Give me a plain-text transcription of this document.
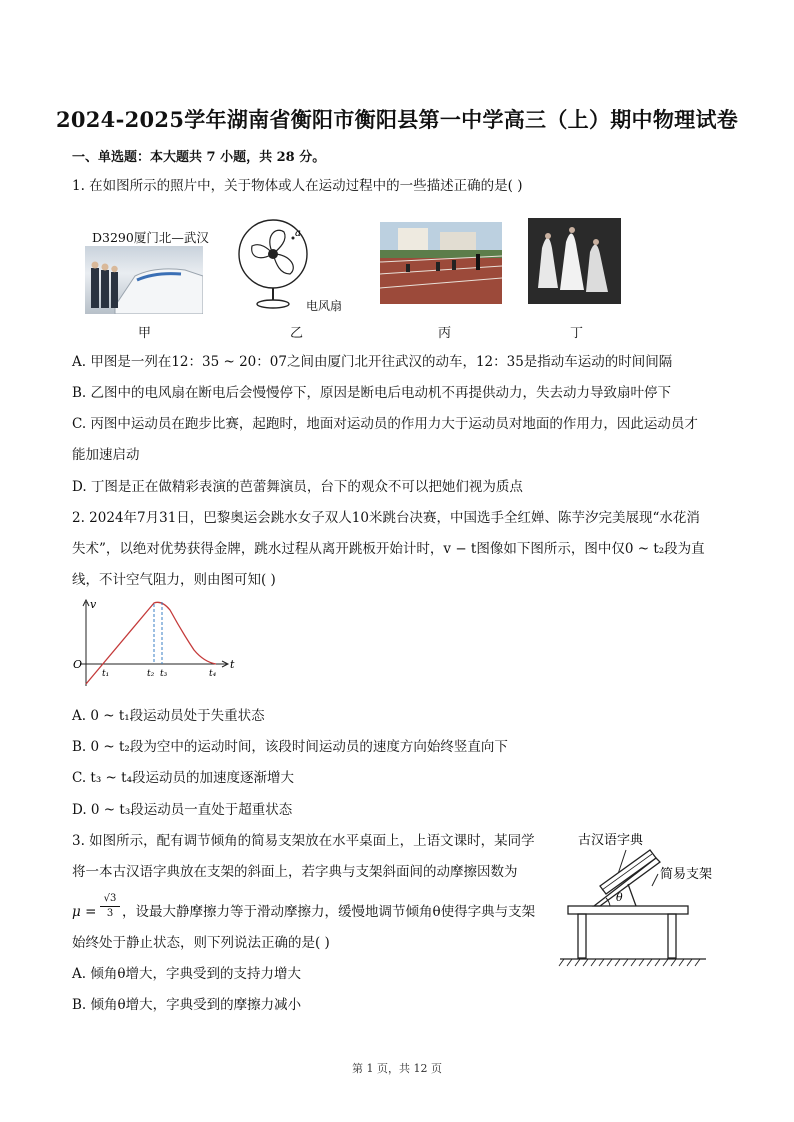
2024-2025学年湖南省衡阳市衡阳县第一中学高三（上）期中物理试卷
一、单选题：本大题共 7 小题，共 28 分。
1. 在如图所示的照片中，关于物体或人在运动过程中的一些描述正确的是( )
D3290厦门北—武汉	a
电风扇
甲	乙	丙	丁
A. 甲图是一列在12：35 ~ 20：07之间由厦门北开往武汉的动车，12：35是指动车运动的时间间隔
B. 乙图中的电风扇在断电后会慢慢停下，原因是断电后电动机不再提供动力，失去动力导致扇叶停下
C. 丙图中运动员在跑步比赛，起跑时，地面对运动员的作用力大于运动员对地面的作用力，因此运动员才
能加速启动
D. 丁图是正在做精彩表演的芭蕾舞演员，台下的观众不可以把她们视为质点
2. 2024年7月31日，巴黎奥运会跳水女子双人10米跳台决赛，中国选手全红婵、陈芋汐完美展现“水花消
失术”，以绝对优势获得金牌，跳水过程从离开跳板开始计时，v − t图像如下图所示，图中仅0 ~ t₂段为直
线，不计空气阻力，则由图可知( )
v
t
O
t₁	t₂ t₃	t₄
A. 0 ~ t₁段运动员处于失重状态
B. 0 ~ t₂段为空中的运动时间，该段时间运动员的速度方向始终竖直向下
C. t₃ ~ t₄段运动员的加速度逐渐增大
D. 0 ~ t₃段运动员一直处于超重状态
3. 如图所示，配有调节倾角的简易支架放在水平桌面上，上语文课时，某同学
将一本古汉语字典放在支架的斜面上，若字典与支架斜面间的动摩擦因数为
μ =
√3
3 ，设最大静摩擦力等于滑动摩擦力，缓慢地调节倾角θ使得字典与支架
始终处于静止状态，则下列说法正确的是( )
古汉语字典
简易支架
θ
A. 倾角θ增大，字典受到的支持力增大
B. 倾角θ增大，字典受到的摩擦力减小
第 1 页，共 12 页
